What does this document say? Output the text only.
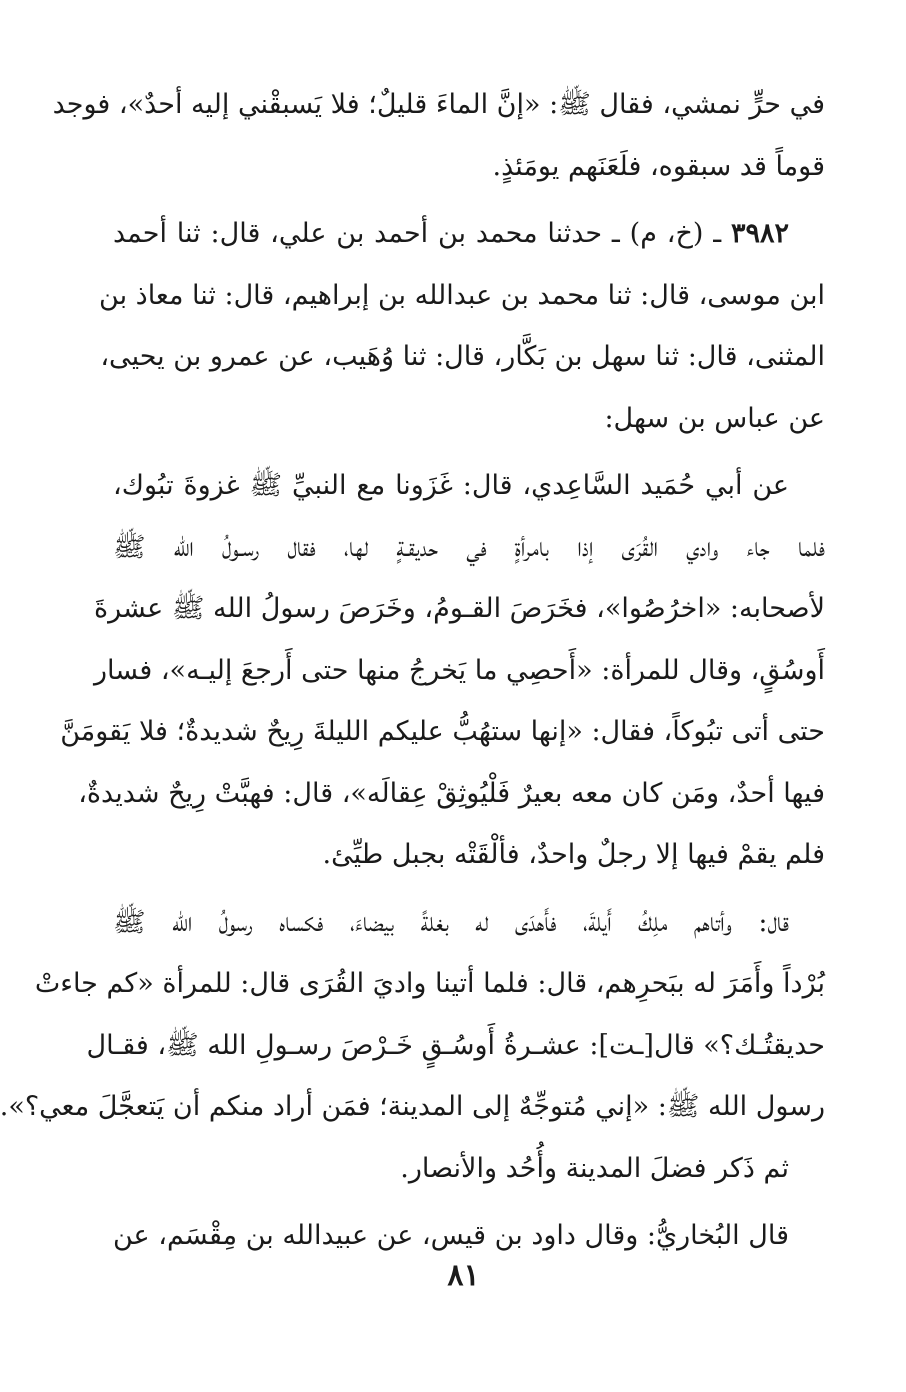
في حرٍّ نمشي، فقال ﷺ: «إنَّ الماءَ قليلٌ؛ فلا يَسبقْني إليه أحدٌ»، فوجد
قوماً قد سبقوه، فلَعَنَهم يومَئذٍ.
٣٩٨٢ ـ (خ، م) ـ حدثنا محمد بن أحمد بن علي، قال: ثنا أحمد
ابن موسى، قال: ثنا محمد بن عبدالله بن إبراهيم، قال: ثنا معاذ بن
المثنى، قال: ثنا سهل بن بَكَّار، قال: ثنا وُهَيب، عن عمرو بن يحيى،
عن عباس بن سهل:
عن أبي حُمَيد السَّاعِدي، قال: غَزَونا مع النبيِّ ﷺ غزوةَ تبُوك،
فلما جاء وادي القُرَى إذا بامرأةٍ في حديقـةٍ لها، فقال رسـولُ الله ﷺ
لأصحابه: «اخرُصُوا»، فخَرَصَ القـومُ، وخَرَصَ رسولُ الله ﷺ عشرةَ
أَوسُقٍ، وقال للمرأة: «أَحصِي ما يَخرجُ منها حتى أَرجعَ إليـه»، فسار
حتى أتى تبُوكاً، فقال: «إنها ستهُبُّ عليكم الليلةَ رِيحٌ شديدةٌ؛ فلا يَقومَنَّ
فيها أحدٌ، ومَن كان معه بعيرٌ فَلْيُوثِقْ عِقالَه»، قال: فهبَّتْ رِيحٌ شديدةٌ،
فلم يقمْ فيها إلا رجلٌ واحدٌ، فألْقَتْه بجبل طيِّئ.
قال: وأتاهم ملِكُ أَيلةَ، فأَهدَى له بغلةً بيضاءَ، فكساه رسولُ الله ﷺ
بُرْداً وأَمَرَ له ببَحرِهم، قال: فلما أتينا واديَ القُرَى قال: للمرأة «كم جاءتْ
حديقتُـك؟» قال[ـت]: عشـرةُ أَوسُـقٍ خَـرْصَ رسـولِ الله ﷺ، فقـال
رسول الله ﷺ: «إني مُتوجِّهٌ إلى المدينة؛ فمَن أراد منكم أن يَتعجَّلَ معي؟».
ثم ذَكر فضلَ المدينة وأُحُد والأنصار.
قال البُخاريُّ: وقال داود بن قيس، عن عبيدالله بن مِقْسَم، عن
٨١
